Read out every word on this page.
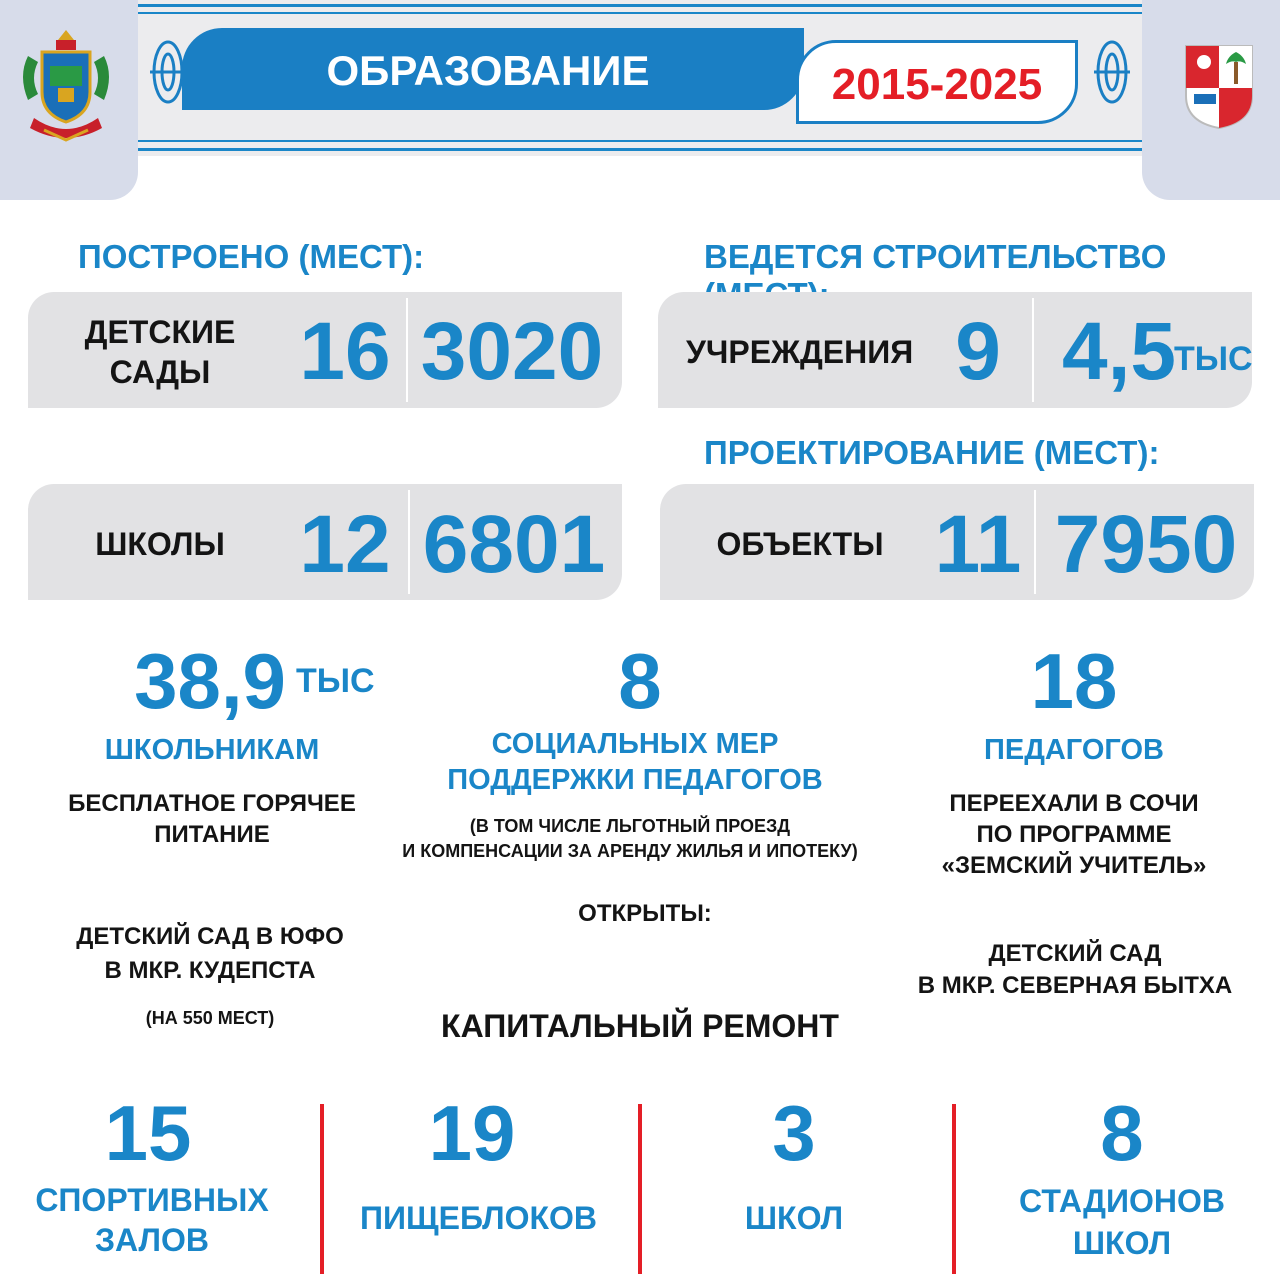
ОБРАЗОВАНИЕ	2015-2025
ПОСТРОЕНО (МЕСТ):
ДЕТСКИЕ
САДЫ	16 3020
ШКОЛЫ 12 6801
ВЕДЕТСЯ СТРОИТЕЛЬСТВО
УЧРЕЖДЕНИЯ 9 4,5
ТЫС
ПРОЕКТИРОВАНИЕ (МЕСТ):
ОБЪЕКТЫ 11 7950
38,9 ТЫС
ШКОЛЬНИКАМ
БЕСПЛАТНОЕ ГОРЯЧЕЕ
ПИТАНИЕ
8
СОЦИАЛЬНЫХ МЕР
ПОДДЕРЖКИ ПЕДАГОГОВ
(В ТОМ ЧИСЛЕ ЛЬГОТНЫЙ ПРОЕЗД
И КОМПЕНСАЦИИ ЗА АРЕНДУ ЖИЛЬЯ И ИПОТЕКУ)
18
ПЕДАГОГОВ
ПЕРЕЕХАЛИ В СОЧИ
ПО ПРОГРАММЕ
«ЗЕМСКИЙ УЧИТЕЛЬ»
ОТКРЫТЫ:
ДЕТСКИЙ САД В ЮФО
В МКР. КУДЕПСТА
(НА 550 МЕСТ)
ДЕТСКИЙ САД
В МКР. СЕВЕРНАЯ БЫТХА
КАПИТАЛЬНЫЙ РЕМОНТ
15
СПОРТИВНЫХ
ЗАЛОВ
19
ПИЩЕБЛОКОВ
3
ШКОЛ
8
СТАДИОНОВ
ШКОЛ
